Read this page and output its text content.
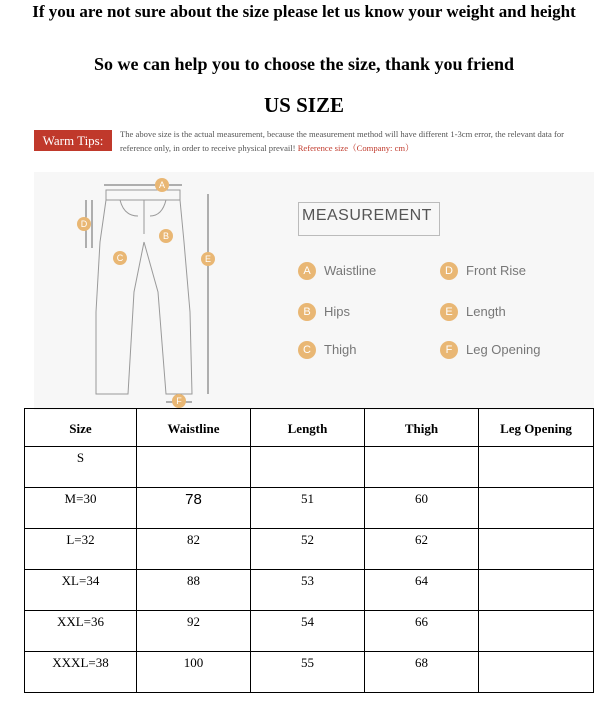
If you are not sure about the size please let us know your weight and height
So we can help you to choose the size, thank you friend
US SIZE
Warm Tips:	The above size is the actual measurement, because the measurement method will have different 1-3cm error, the relevant data for reference only, in order to receive physical prevail! Reference size（Company: cm）
A
B
C
D
E
F
MEASUREMENT
A	Waistline	D	Front Rise
B	Hips	E	Length
C	Thigh	F	Leg Opening
Size	Waistline	Length	Thigh	Leg Opening
S				
M=30	78	51	60	
L=32	82	52	62	
XL=34	88	53	64	
XXL=36	92	54	66	
XXXL=38	100	55	68	
